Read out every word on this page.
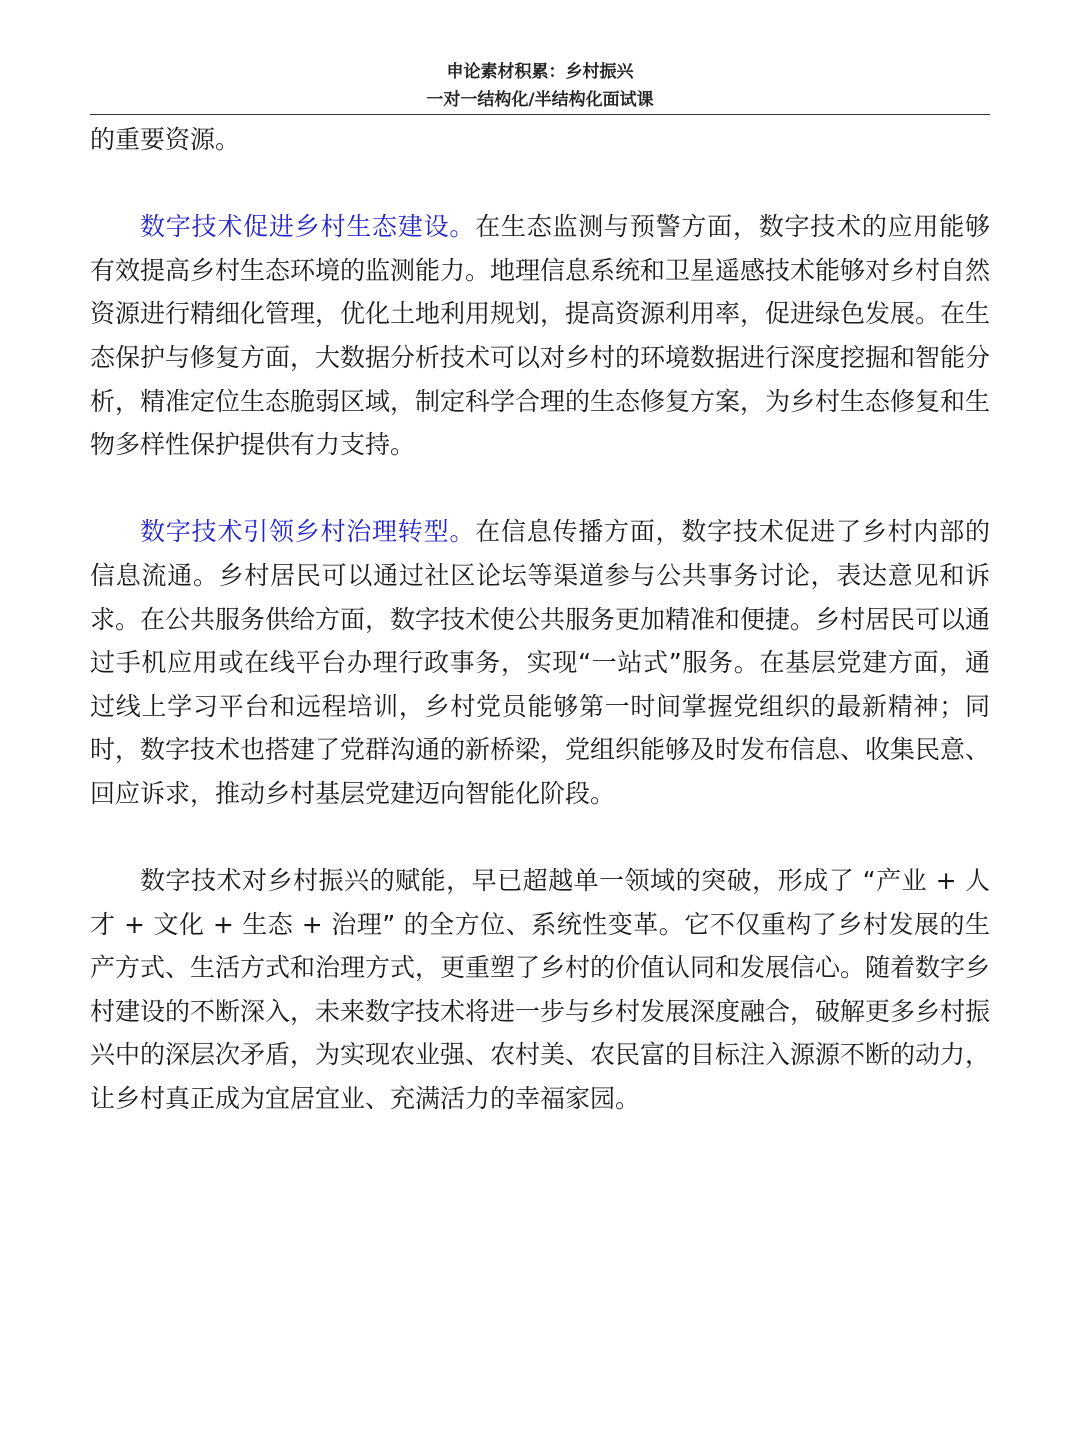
申论素材积累：乡村振兴
一对一结构化/半结构化面试课

的重要资源。

数字技术促进乡村生态建设。在生态监测与预警方面，数字技术的应用能够有效提高乡村生态环境的监测能力。地理信息系统和卫星遥感技术能够对乡村自然资源进行精细化管理，优化土地利用规划，提高资源利用率，促进绿色发展。在生态保护与修复方面，大数据分析技术可以对乡村的环境数据进行深度挖掘和智能分析，精准定位生态脆弱区域，制定科学合理的生态修复方案，为乡村生态修复和生物多样性保护提供有力支持。

数字技术引领乡村治理转型。在信息传播方面，数字技术促进了乡村内部的信息流通。乡村居民可以通过社区论坛等渠道参与公共事务讨论，表达意见和诉求。在公共服务供给方面，数字技术使公共服务更加精准和便捷。乡村居民可以通过手机应用或在线平台办理行政事务，实现“一站式”服务。在基层党建方面，通过线上学习平台和远程培训，乡村党员能够第一时间掌握党组织的最新精神；同时，数字技术也搭建了党群沟通的新桥梁，党组织能够及时发布信息、收集民意、回应诉求，推动乡村基层党建迈向智能化阶段。

数字技术对乡村振兴的赋能，早已超越单一领域的突破，形成了 “产业 + 人才 + 文化 + 生态 + 治理” 的全方位、系统性变革。它不仅重构了乡村发展的生产方式、生活方式和治理方式，更重塑了乡村的价值认同和发展信心。随着数字乡村建设的不断深入，未来数字技术将进一步与乡村发展深度融合，破解更多乡村振兴中的深层次矛盾，为实现农业强、农村美、农民富的目标注入源源不断的动力，让乡村真正成为宜居宜业、充满活力的幸福家园。
